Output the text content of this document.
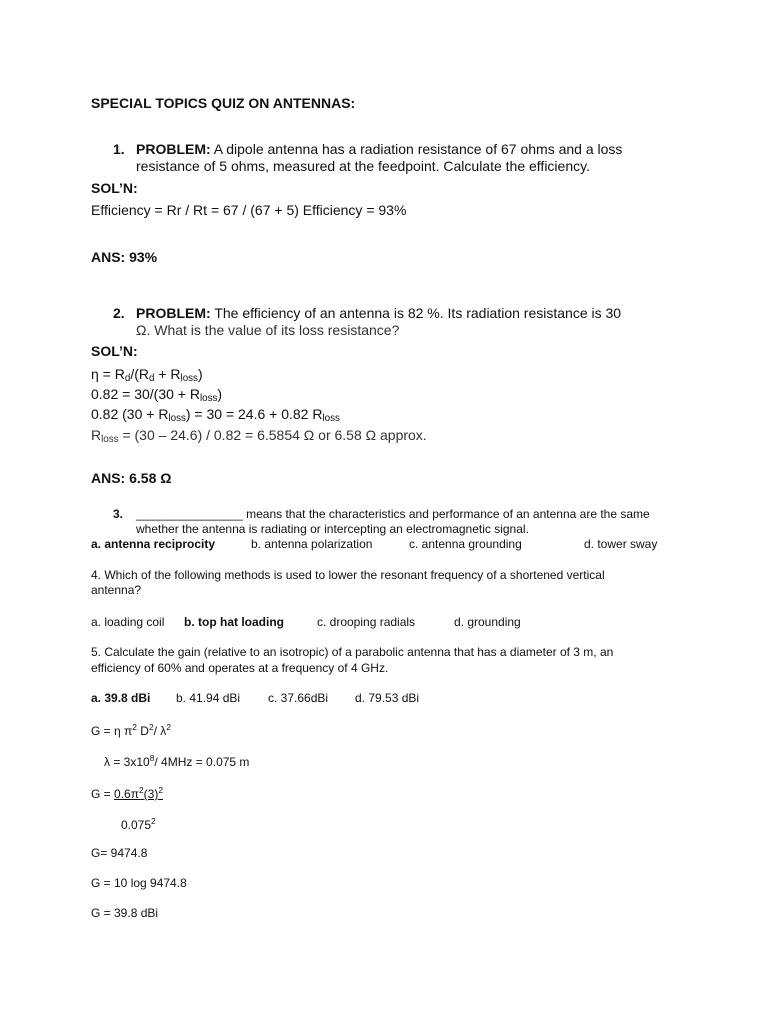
SPECIAL TOPICS QUIZ ON ANTENNAS:
1. PROBLEM: A dipole antenna has a radiation resistance of 67 ohms and a loss
resistance of 5 ohms, measured at the feedpoint. Calculate the efficiency.
SOL’N:
Efficiency = Rr / Rt = 67 / (67 + 5) Efficiency = 93%
ANS: 93%
2. PROBLEM: The efficiency of an antenna is 82 %. Its radiation resistance is 30
Ω. What is the value of its loss resistance?
SOL’N:
$\eta = R_d/(R_d + R_{loss})$
$0.82 = 30/(30 + R_{loss})$
0.82 $(30 + R_{loss}) = 30 = 24.6 + 0.82$ $R_{loss}$
$R_{loss} = (30 - 24.6) / 0.82 = 6.5854$ Ω or 6.58 Ω approx.
ANS: 6.58 Ω
3. ________________ means that the characteristics and performance of an antenna are the same
whether the antenna is radiating or intercepting an electromagnetic signal.
a. antenna reciprocity	b. antenna polarization	c. antenna grounding	d. tower sway
4. Which of the following methods is used to lower the resonant frequency of a shortened vertical
antenna?
a. loading coil b. top hat loading	c. drooping radials	d. grounding
5. Calculate the gain (relative to an isotropic) of a parabolic antenna that has a diameter of 3 m, an
efficiency of 60% and operates at a frequency of 4 GHz.
a. 39.8 dBi b. 41.94 dBi c. 37.66dBi d. 79.53 dBi
G = η $\pi^2$ $D^2/$ $\lambda^2$
$\lambda = 3x10^8/$ 4MHz = 0.075 m
$G = 0.6\pi^2(3)^2$
0.075$^2$
G= 9474.8
G = 10 log 9474.8
G = 39.8 dBi
